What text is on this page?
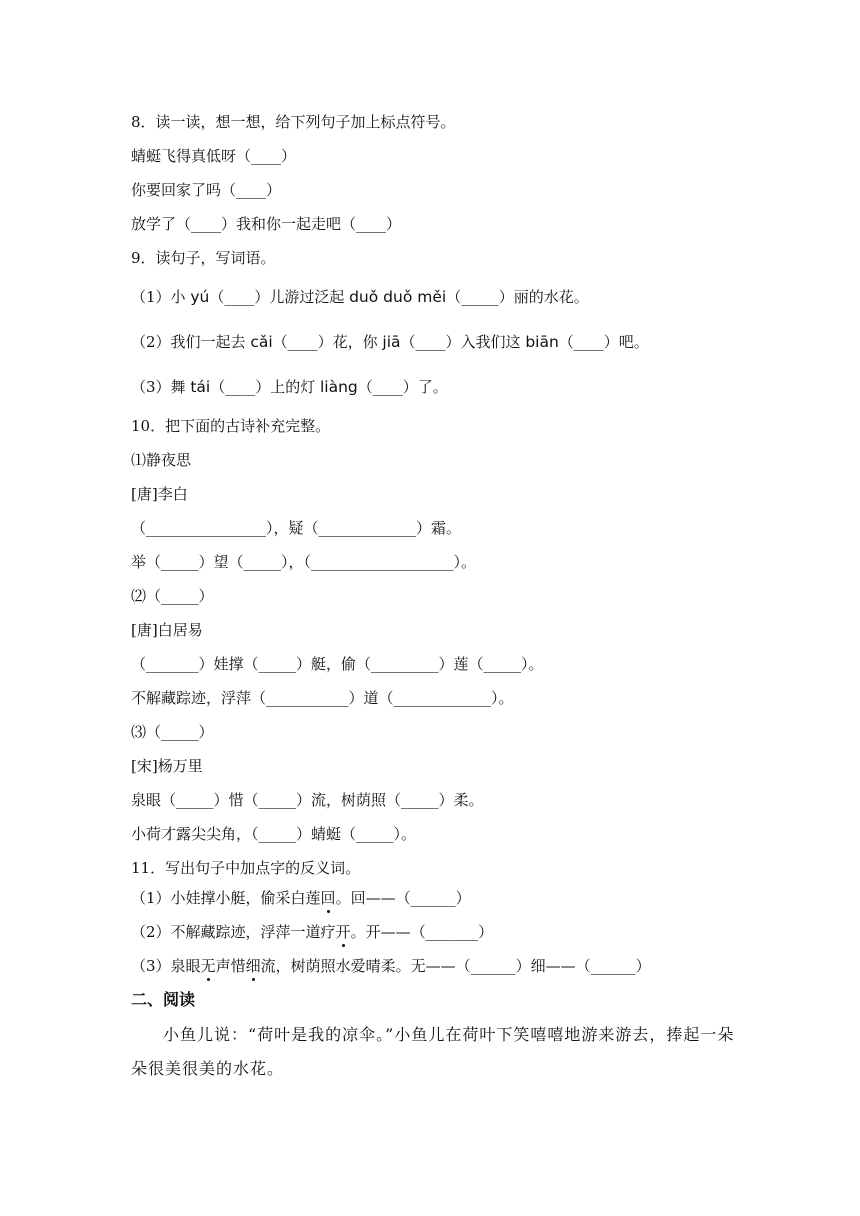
8．读一读，想一想，给下列句子加上标点符号。
蜻蜓飞得真低呀（____）
你要回家了吗（____）
放学了（____）我和你一起走吧（____）
9．读句子，写词语。
（1）小 yú（____）儿游过泛起 duǒ duǒ měi（_____）丽的水花。
（2）我们一起去 cǎi（____）花，你 jiā（____）入我们这 biān（____）吧。
（3）舞 tái（____）上的灯 liàng（____）了。
10．把下面的古诗补充完整。
⑴静夜思
[唐]李白
（________________），疑（_____________）霜。
举（_____）望（_____），（___________________）。
⑵（_____）
[唐]白居易
（_______）娃撑（_____）艇，偷（_________）莲（_____）。
不解藏踪迹，浮萍（___________）道（_____________）。
⑶（_____）
[宋]杨万里
泉眼（_____）惜（_____）流，树荫照（_____）柔。
小荷才露尖尖角，（_____）蜻蜓（_____）。
11．写出句子中加点字的反义词。
（1）小娃撑小艇，偷采白莲回。回——（______）
（2）不解藏踪迹，浮萍一道疗开。开——（_______）
（3）泉眼无声惜细流，树荫照水爱晴柔。无——（______）细——（______）
二、阅读
小鱼儿说：“荷叶是我的凉伞。”小鱼儿在荷叶下笑嘻嘻地游来游去，捧起一朵朵很美很美的水花。
